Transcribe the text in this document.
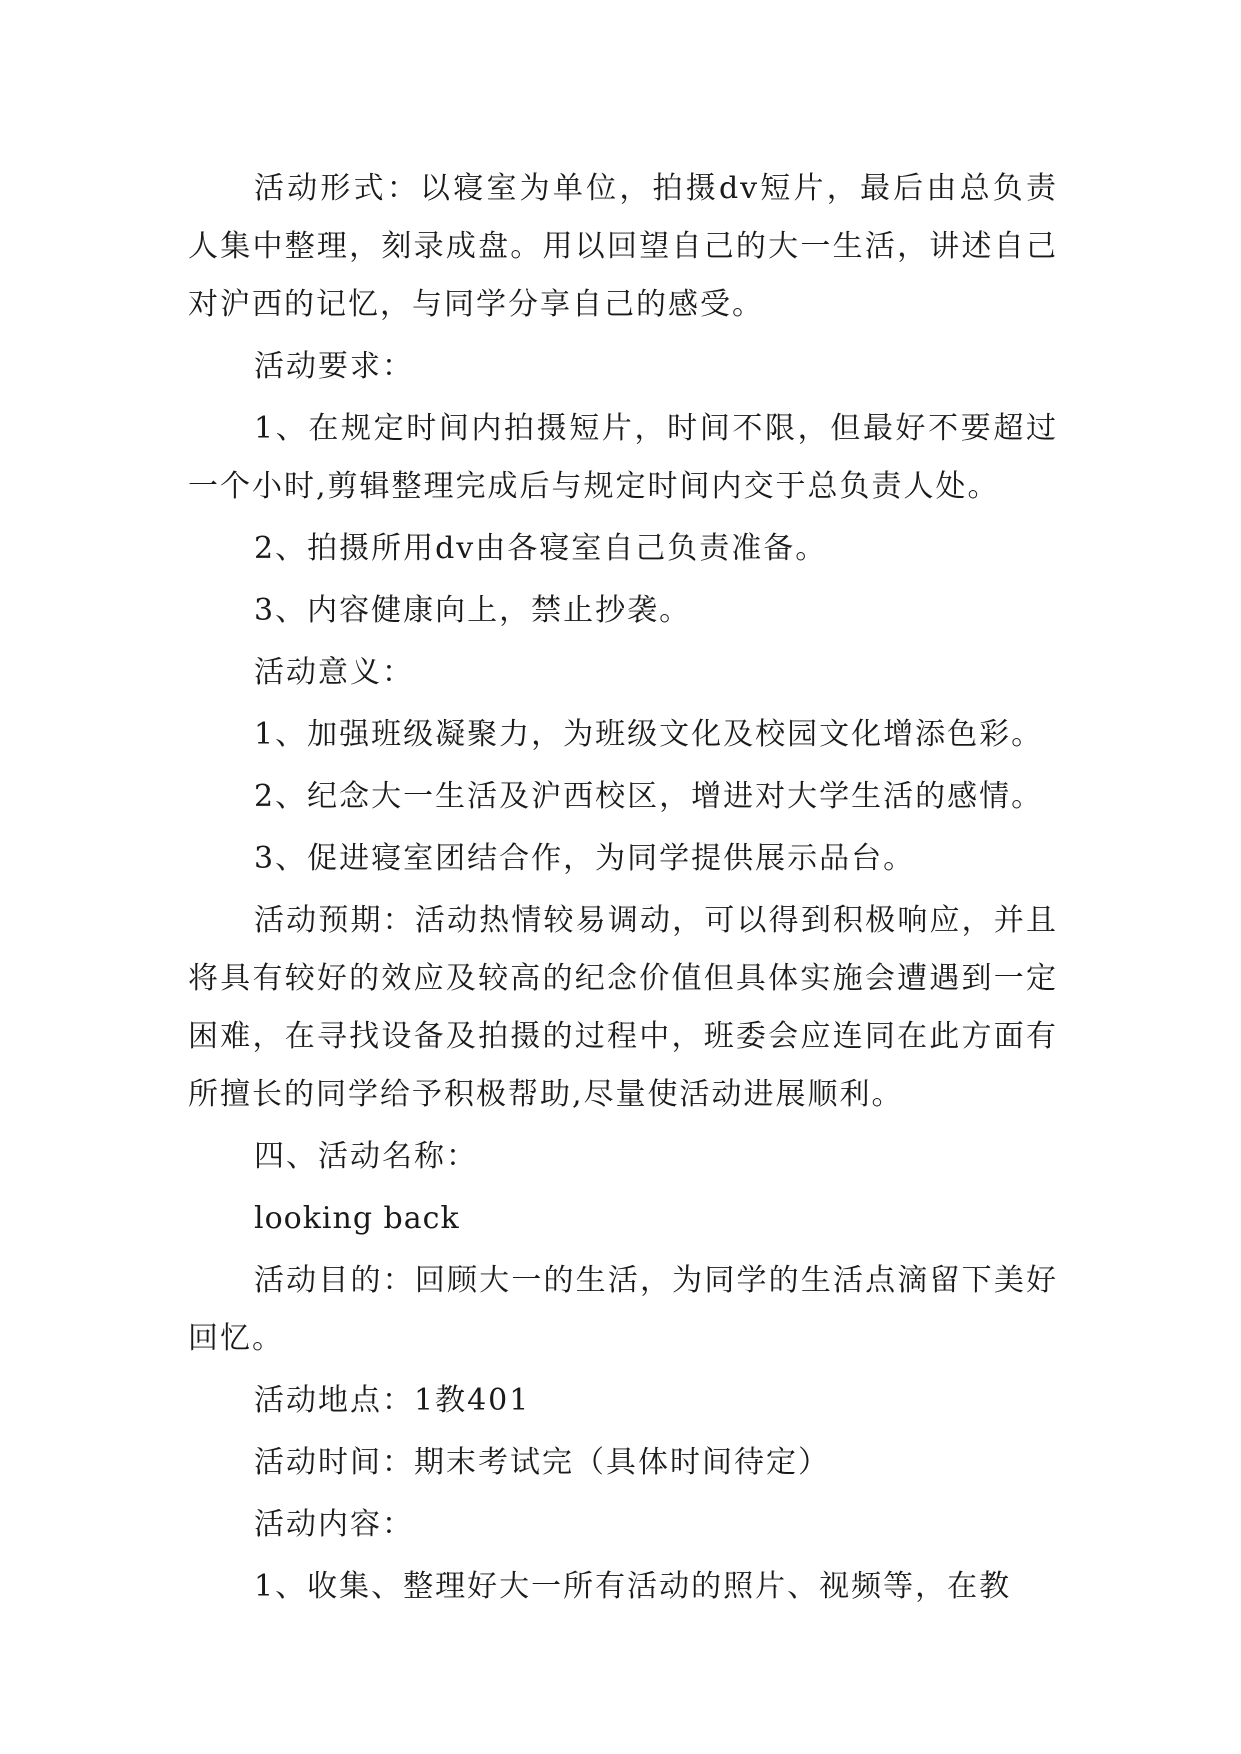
活动形式：以寝室为单位，拍摄dv短片，最后由总负责人集中整理，刻录成盘。用以回望自己的大一生活，讲述自己对沪西的记忆，与同学分享自己的感受。

活动要求：

1、在规定时间内拍摄短片，时间不限，但最好不要超过一个小时,剪辑整理完成后与规定时间内交于总负责人处。

2、拍摄所用dv由各寝室自己负责准备。

3、内容健康向上，禁止抄袭。

活动意义：

1、加强班级凝聚力，为班级文化及校园文化增添色彩。

2、纪念大一生活及沪西校区，增进对大学生活的感情。

3、促进寝室团结合作，为同学提供展示品台。

活动预期：活动热情较易调动，可以得到积极响应，并且将具有较好的效应及较高的纪念价值但具体实施会遭遇到一定困难，在寻找设备及拍摄的过程中，班委会应连同在此方面有所擅长的同学给予积极帮助,尽量使活动进展顺利。

四、活动名称：

looking back

活动目的：回顾大一的生活，为同学的生活点滴留下美好回忆。

活动地点：1教401

活动时间：期末考试完（具体时间待定）

活动内容：

1、收集、整理好大一所有活动的照片、视频等，在教
